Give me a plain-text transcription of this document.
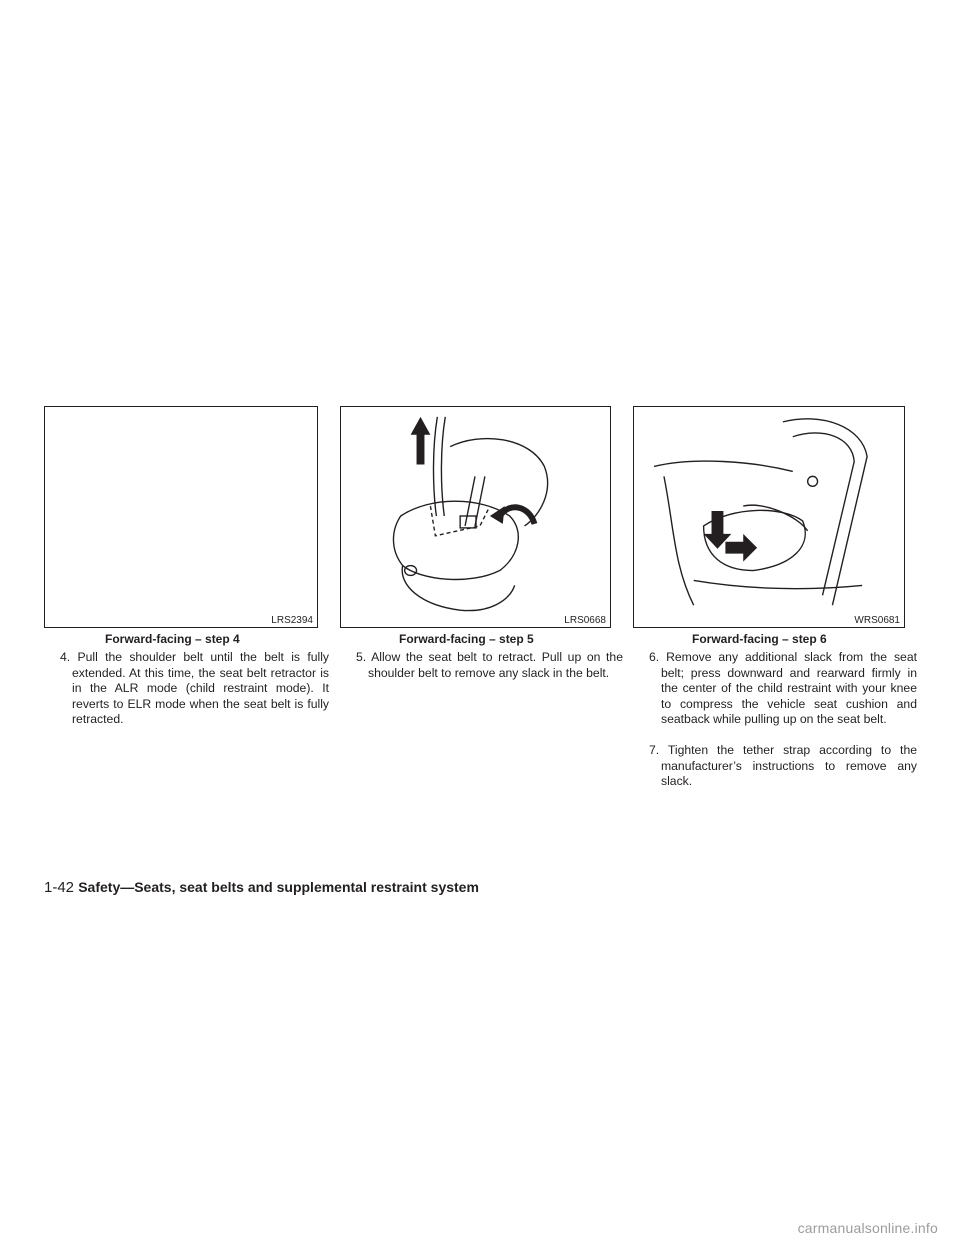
LRS2394	LRS0668	WRS0681
Forward-facing – step 4	Forward-facing – step 5	Forward-facing – step 6

4. Pull the shoulder belt until the belt is fully extended. At this time, the seat belt retractor is in the ALR mode (child restraint mode). It reverts to ELR mode when the seat belt is fully retracted.

5. Allow the seat belt to retract. Pull up on the shoulder belt to remove any slack in the belt.

6. Remove any additional slack from the seat belt; press downward and rearward firmly in the center of the child restraint with your knee to compress the vehicle seat cushion and seatback while pulling up on the seat belt.

7. Tighten the tether strap according to the manufacturer’s instructions to remove any slack.

1-42 Safety—Seats, seat belts and supplemental restraint system
carmanualsonline.info
